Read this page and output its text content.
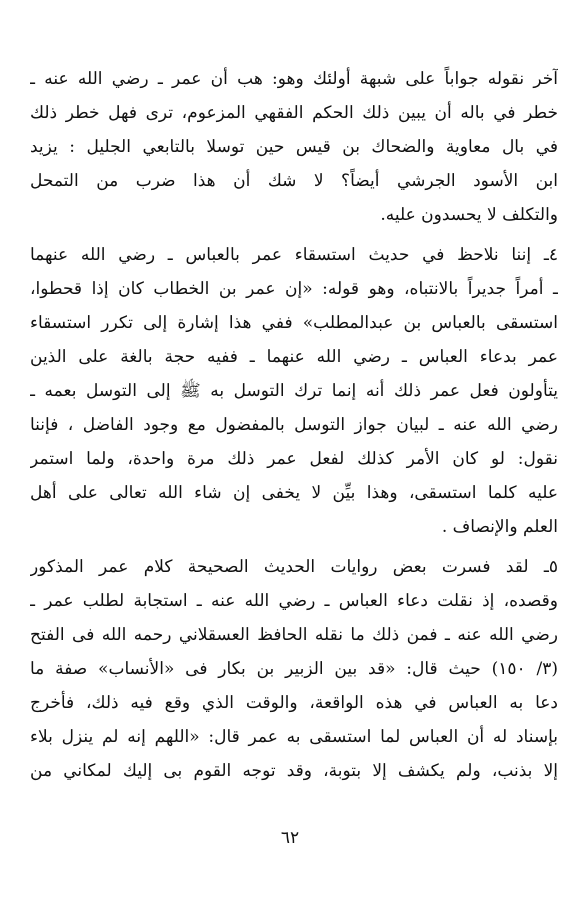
آخر نقوله جواباً على شبهة أولئك وهو: هب أن عمر ـ رضي الله عنه ـ
خطر في باله أن يبين ذلك الحكم الفقهي المزعوم، ترى فهل خطر ذلك
في بال معاوية والضحاك بن قيس حين توسلا بالتابعي الجليل : يزيد
ابن الأسود الجرشي أيضاً؟ لا شك أن هذا ضرب من التمحل
والتكلف لا يحسدون عليه.
٤ـ إننا نلاحظ في حديث استسقاء عمر بالعباس ـ رضي الله عنهما
ـ أمراً جديراً بالانتباه، وهو قوله: «إن عمر بن الخطاب كان إذا قحطوا،
استسقى بالعباس بن عبدالمطلب» ففي هذا إشارة إلى تكرر استسقاء
عمر بدعاء العباس ـ رضي الله عنهما ـ ففيه حجة بالغة على الذين
يتأولون فعل عمر ذلك أنه إنما ترك التوسل به ﷺ إلى التوسل بعمه ـ
رضي الله عنه ـ لبيان جواز التوسل بالمفضول مع وجود الفاضل ، فإننا
نقول: لو كان الأمر كذلك لفعل عمر ذلك مرة واحدة، ولما استمر
عليه كلما استسقى، وهذا بيِّن لا يخفى إن شاء الله تعالى على أهل
العلم والإنصاف .
٥ـ لقد فسرت بعض روايات الحديث الصحيحة كلام عمر المذكور
وقصده، إذ نقلت دعاء العباس ـ رضي الله عنه ـ استجابة لطلب عمر ـ
رضي الله عنه ـ فمن ذلك ما نقله الحافظ العسقلاني رحمه الله فى الفتح
(٣/ ١٥٠) حيث قال: «قد بين الزبير بن بكار فى «الأنساب» صفة ما
دعا به العباس في هذه الواقعة، والوقت الذي وقع فيه ذلك، فأخرج
بإسناد له أن العباس لما استسقى به عمر قال: «اللهم إنه لم ينزل بلاء
إلا بذنب، ولم يكشف إلا بتوبة، وقد توجه القوم بى إليك لمكاني من
٦٢
